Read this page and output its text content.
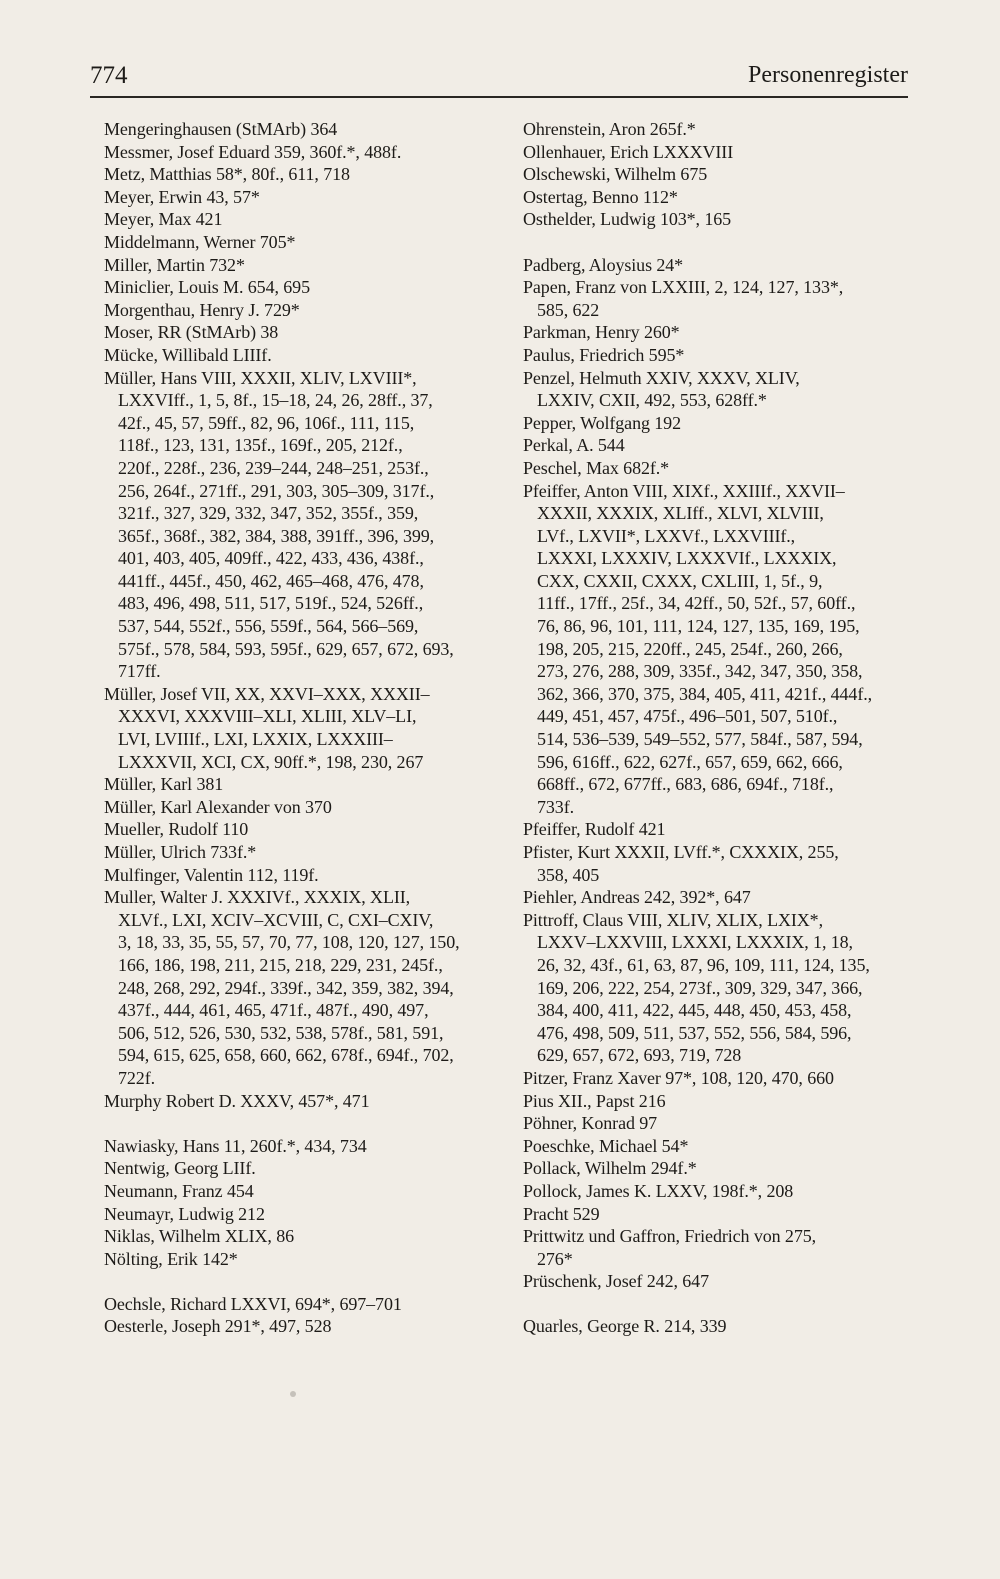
774	Personenregister
Mengeringhausen (StMArb) 364
Messmer, Josef Eduard 359, 360f.*, 488f.
Metz, Matthias 58*, 80f., 611, 718
Meyer, Erwin 43, 57*
Meyer, Max 421
Middelmann, Werner 705*
Miller, Martin 732*
Miniclier, Louis M. 654, 695
Morgenthau, Henry J. 729*
Moser, RR (StMArb) 38
Mücke, Willibald LIIIf.
Müller, Hans VIII, XXXII, XLIV, LXVIII*,
LXXVIff., 1, 5, 8f., 15–18, 24, 26, 28ff., 37,
42f., 45, 57, 59ff., 82, 96, 106f., 111, 115,
118f., 123, 131, 135f., 169f., 205, 212f.,
220f., 228f., 236, 239–244, 248–251, 253f.,
256, 264f., 271ff., 291, 303, 305–309, 317f.,
321f., 327, 329, 332, 347, 352, 355f., 359,
365f., 368f., 382, 384, 388, 391ff., 396, 399,
401, 403, 405, 409ff., 422, 433, 436, 438f.,
441ff., 445f., 450, 462, 465–468, 476, 478,
483, 496, 498, 511, 517, 519f., 524, 526ff.,
537, 544, 552f., 556, 559f., 564, 566–569,
575f., 578, 584, 593, 595f., 629, 657, 672, 693,
717ff.
Müller, Josef VII, XX, XXVI–XXX, XXXII–
XXXVI, XXXVIII–XLI, XLIII, XLV–LI,
LVI, LVIIIf., LXI, LXXIX, LXXXIII–
LXXXVII, XCI, CX, 90ff.*, 198, 230, 267
Müller, Karl 381
Müller, Karl Alexander von 370
Mueller, Rudolf 110
Müller, Ulrich 733f.*
Mulfinger, Valentin 112, 119f.
Muller, Walter J. XXXIVf., XXXIX, XLII,
XLVf., LXI, XCIV–XCVIII, C, CXI–CXIV,
3, 18, 33, 35, 55, 57, 70, 77, 108, 120, 127, 150,
166, 186, 198, 211, 215, 218, 229, 231, 245f.,
248, 268, 292, 294f., 339f., 342, 359, 382, 394,
437f., 444, 461, 465, 471f., 487f., 490, 497,
506, 512, 526, 530, 532, 538, 578f., 581, 591,
594, 615, 625, 658, 660, 662, 678f., 694f., 702,
722f.
Murphy Robert D. XXXV, 457*, 471
Nawiasky, Hans 11, 260f.*, 434, 734
Nentwig, Georg LIIf.
Neumann, Franz 454
Neumayr, Ludwig 212
Niklas, Wilhelm XLIX, 86
Nölting, Erik 142*
Oechsle, Richard LXXVI, 694*, 697–701
Oesterle, Joseph 291*, 497, 528
Ohrenstein, Aron 265f.*
Ollenhauer, Erich LXXXVIII
Olschewski, Wilhelm 675
Ostertag, Benno 112*
Osthelder, Ludwig 103*, 165
Padberg, Aloysius 24*
Papen, Franz von LXXIII, 2, 124, 127, 133*,
585, 622
Parkman, Henry 260*
Paulus, Friedrich 595*
Penzel, Helmuth XXIV, XXXV, XLIV,
LXXIV, CXII, 492, 553, 628ff.*
Pepper, Wolfgang 192
Perkal, A. 544
Peschel, Max 682f.*
Pfeiffer, Anton VIII, XIXf., XXIIIf., XXVII–
XXXII, XXXIX, XLIff., XLVI, XLVIII,
LVf., LXVII*, LXXVf., LXXVIIIf.,
LXXXI, LXXXIV, LXXXVIf., LXXXIX,
CXX, CXXII, CXXX, CXLIII, 1, 5f., 9,
11ff., 17ff., 25f., 34, 42ff., 50, 52f., 57, 60ff.,
76, 86, 96, 101, 111, 124, 127, 135, 169, 195,
198, 205, 215, 220ff., 245, 254f., 260, 266,
273, 276, 288, 309, 335f., 342, 347, 350, 358,
362, 366, 370, 375, 384, 405, 411, 421f., 444f.,
449, 451, 457, 475f., 496–501, 507, 510f.,
514, 536–539, 549–552, 577, 584f., 587, 594,
596, 616ff., 622, 627f., 657, 659, 662, 666,
668ff., 672, 677ff., 683, 686, 694f., 718f.,
733f.
Pfeiffer, Rudolf 421
Pfister, Kurt XXXII, LVff.*, CXXXIX, 255,
358, 405
Piehler, Andreas 242, 392*, 647
Pittroff, Claus VIII, XLIV, XLIX, LXIX*,
LXXV–LXXVIII, LXXXI, LXXXIX, 1, 18,
26, 32, 43f., 61, 63, 87, 96, 109, 111, 124, 135,
169, 206, 222, 254, 273f., 309, 329, 347, 366,
384, 400, 411, 422, 445, 448, 450, 453, 458,
476, 498, 509, 511, 537, 552, 556, 584, 596,
629, 657, 672, 693, 719, 728
Pitzer, Franz Xaver 97*, 108, 120, 470, 660
Pius XII., Papst 216
Pöhner, Konrad 97
Poeschke, Michael 54*
Pollack, Wilhelm 294f.*
Pollock, James K. LXXV, 198f.*, 208
Pracht 529
Prittwitz und Gaffron, Friedrich von 275,
276*
Prüschenk, Josef 242, 647
Quarles, George R. 214, 339
